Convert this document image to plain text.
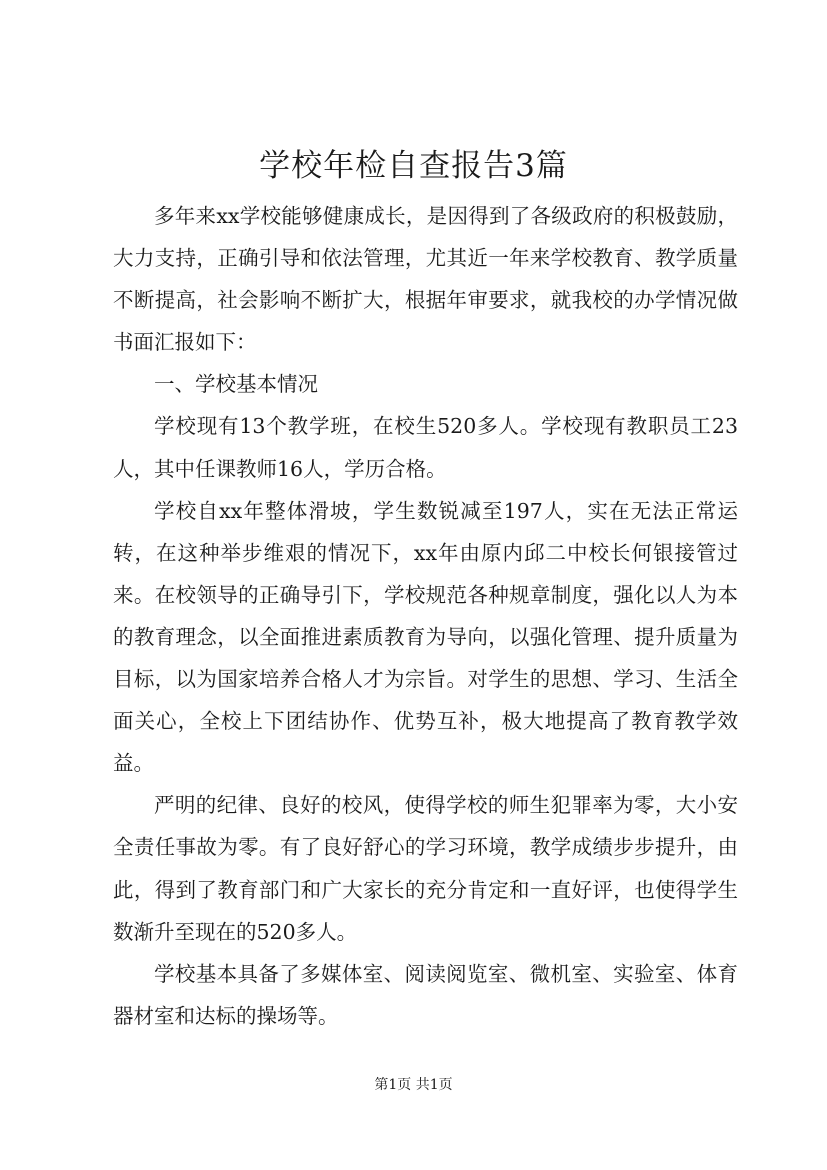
学校年检自查报告3篇

多年来xx学校能够健康成长，是因得到了各级政府的积极鼓励，大力支持，正确引导和依法管理，尤其近一年来学校教育、教学质量不断提高，社会影响不断扩大，根据年审要求，就我校的办学情况做书面汇报如下：

一、学校基本情况

学校现有13个教学班，在校生520多人。学校现有教职员工23人，其中任课教师16人，学历合格。

学校自xx年整体滑坡，学生数锐减至197人，实在无法正常运转，在这种举步维艰的情况下，xx年由原内邱二中校长何银接管过来。在校领导的正确导引下，学校规范各种规章制度，强化以人为本的教育理念，以全面推进素质教育为导向，以强化管理、提升质量为目标，以为国家培养合格人才为宗旨。对学生的思想、学习、生活全面关心，全校上下团结协作、优势互补，极大地提高了教育教学效益。

严明的纪律、良好的校风，使得学校的师生犯罪率为零，大小安全责任事故为零。有了良好舒心的学习环境，教学成绩步步提升，由此，得到了教育部门和广大家长的充分肯定和一直好评，也使得学生数渐升至现在的520多人。

学校基本具备了多媒体室、阅读阅览室、微机室、实验室、体育器材室和达标的操场等。

第1页 共1页
